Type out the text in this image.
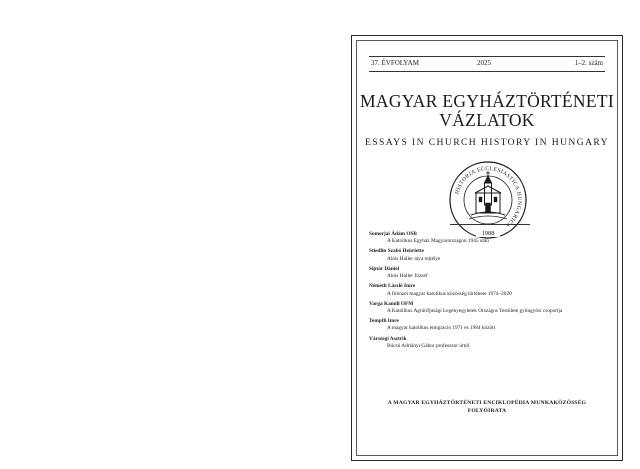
37. ÉVFOLYAM	2025	1–2. szám
MAGYAR EGYHÁZTÖRTÉNETI
VÁZLATOK
ESSAYS IN CHURCH HISTORY IN HUNGARY
HISTORIA ECCLESIASTICA HUNGARICA
1988
Somorjai Ádám OSB
A Katolikus Egyház Magyarországon 1945 után
Stiedlin Szabó Henriette
Alois Haller atya rejtélye
Siptár Dániel
Alois Haller József
Németh László Imre
A firenzei magyar katolikus közösség története 1974–2020
Varga Kamill OFM
A Katolikus Agrárifjúsági Legényegyletek Országos Testülete gyöngyösi csoportja
Tempfli Imre
A magyar katolikus emigráció 1971 és 1984 között
Várszegi Asztrik
Búcsú Adriányi Gábor professzor úrtól
A MAGYAR EGYHÁZTÖRTÉNETI ENCIKLOPÉDIA MUNKAKÖZÖSSÉG
FOLYÓIRATA
